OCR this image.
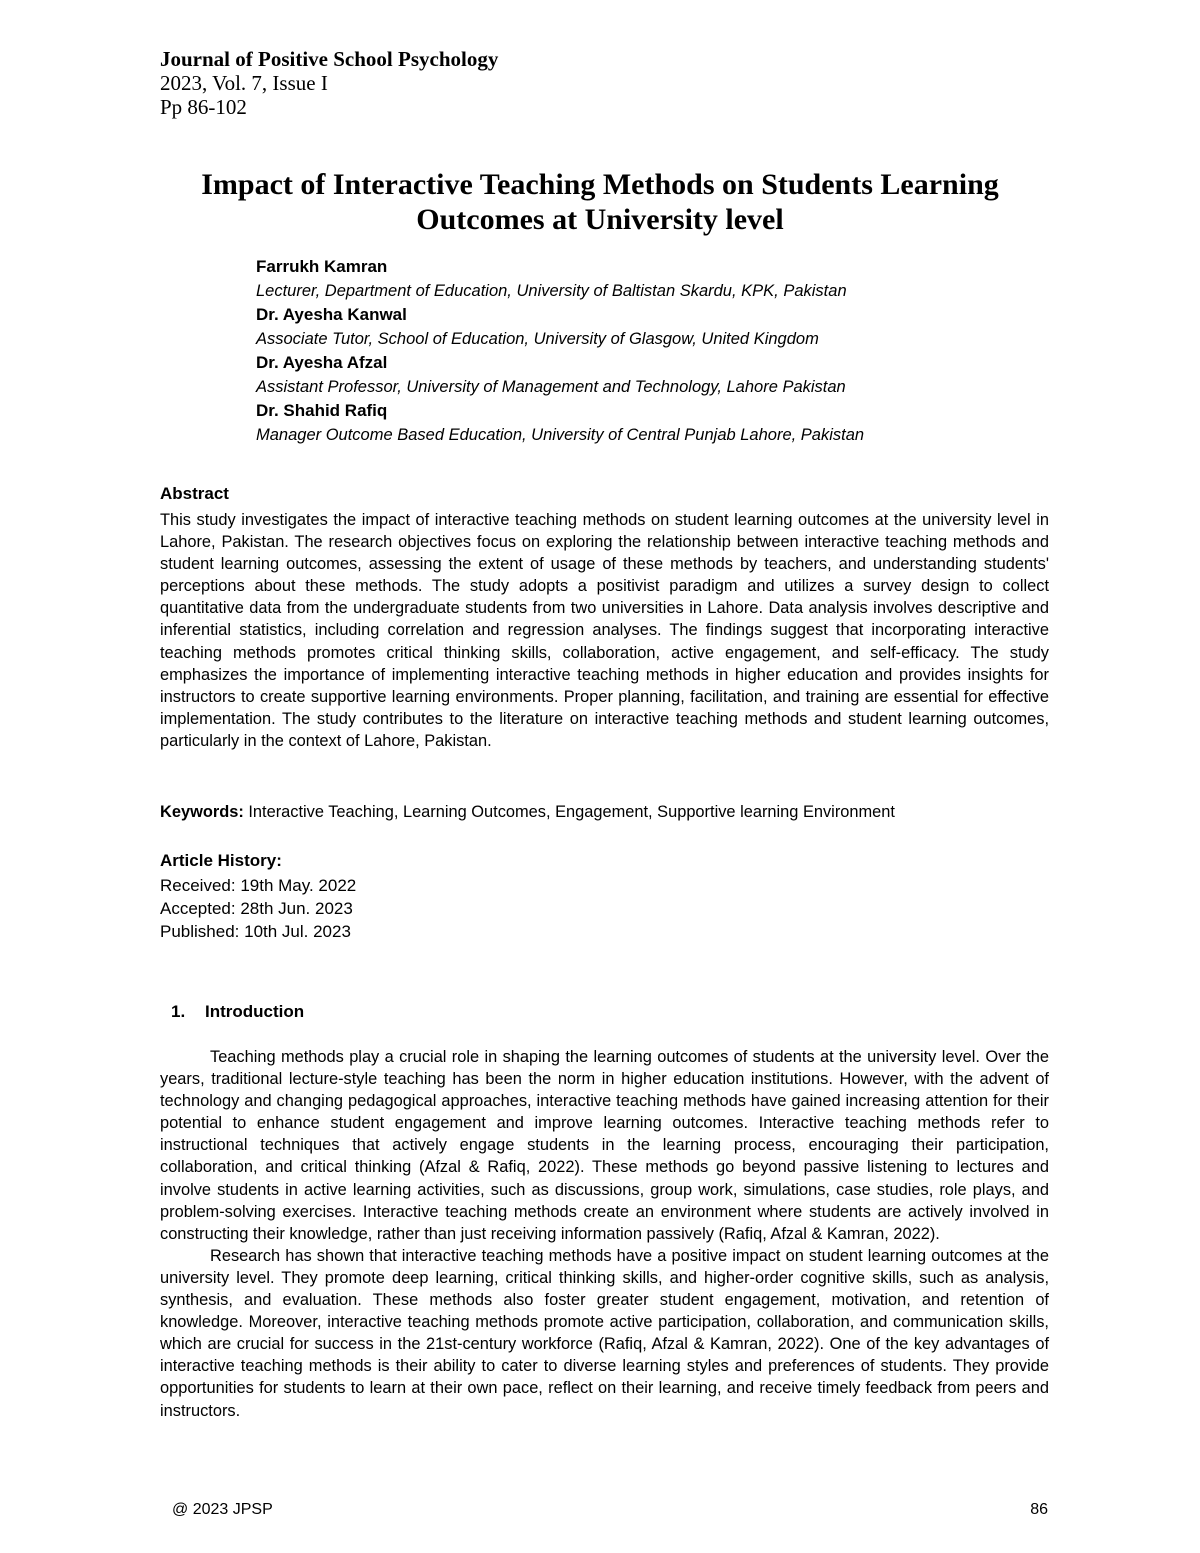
Journal of Positive School Psychology
2023, Vol. 7, Issue I
Pp 86-102
Impact of Interactive Teaching Methods on Students Learning
Outcomes at University level
Farrukh Kamran
Lecturer, Department of Education, University of Baltistan Skardu, KPK, Pakistan
Dr. Ayesha Kanwal
Associate Tutor, School of Education, University of Glasgow, United Kingdom
Dr. Ayesha Afzal
Assistant Professor, University of Management and Technology, Lahore Pakistan
Dr. Shahid Rafiq
Manager Outcome Based Education, University of Central Punjab Lahore, Pakistan
Abstract
This study investigates the impact of interactive teaching methods on student learning outcomes at the university level in Lahore, Pakistan. The research objectives focus on exploring the relationship between interactive teaching methods and student learning outcomes, assessing the extent of usage of these methods by teachers, and understanding students' perceptions about these methods. The study adopts a positivist paradigm and utilizes a survey design to collect quantitative data from the undergraduate students from two universities in Lahore. Data analysis involves descriptive and inferential statistics, including correlation and regression analyses. The findings suggest that incorporating interactive teaching methods promotes critical thinking skills, collaboration, active engagement, and self-efficacy. The study emphasizes the importance of implementing interactive teaching methods in higher education and provides insights for instructors to create supportive learning environments. Proper planning, facilitation, and training are essential for effective implementation. The study contributes to the literature on interactive teaching methods and student learning outcomes, particularly in the context of Lahore, Pakistan.
Keywords: Interactive Teaching, Learning Outcomes, Engagement, Supportive learning Environment
Article History:
Received: 19th May. 2022
Accepted: 28th Jun. 2023
Published: 10th Jul. 2023
1. Introduction

Teaching methods play a crucial role in shaping the learning outcomes of students at the university level. Over the years, traditional lecture-style teaching has been the norm in higher education institutions. However, with the advent of technology and changing pedagogical approaches, interactive teaching methods have gained increasing attention for their potential to enhance student engagement and improve learning outcomes. Interactive teaching methods refer to instructional techniques that actively engage students in the learning process, encouraging their participation, collaboration, and critical thinking (Afzal & Rafiq, 2022). These methods go beyond passive listening to lectures and involve students in active learning activities, such as discussions, group work, simulations, case studies, role plays, and problem-solving exercises. Interactive teaching methods create an environment where students are actively involved in constructing their knowledge, rather than just receiving information passively (Rafiq, Afzal & Kamran, 2022).

Research has shown that interactive teaching methods have a positive impact on student learning outcomes at the university level. They promote deep learning, critical thinking skills, and higher-order cognitive skills, such as analysis, synthesis, and evaluation. These methods also foster greater student engagement, motivation, and retention of knowledge. Moreover, interactive teaching methods promote active participation, collaboration, and communication skills, which are crucial for success in the 21st-century workforce (Rafiq, Afzal & Kamran, 2022). One of the key advantages of interactive teaching methods is their ability to cater to diverse learning styles and preferences of students. They provide opportunities for students to learn at their own pace, reflect on their learning, and receive timely feedback from peers and instructors.

@ 2023 JPSP	86
